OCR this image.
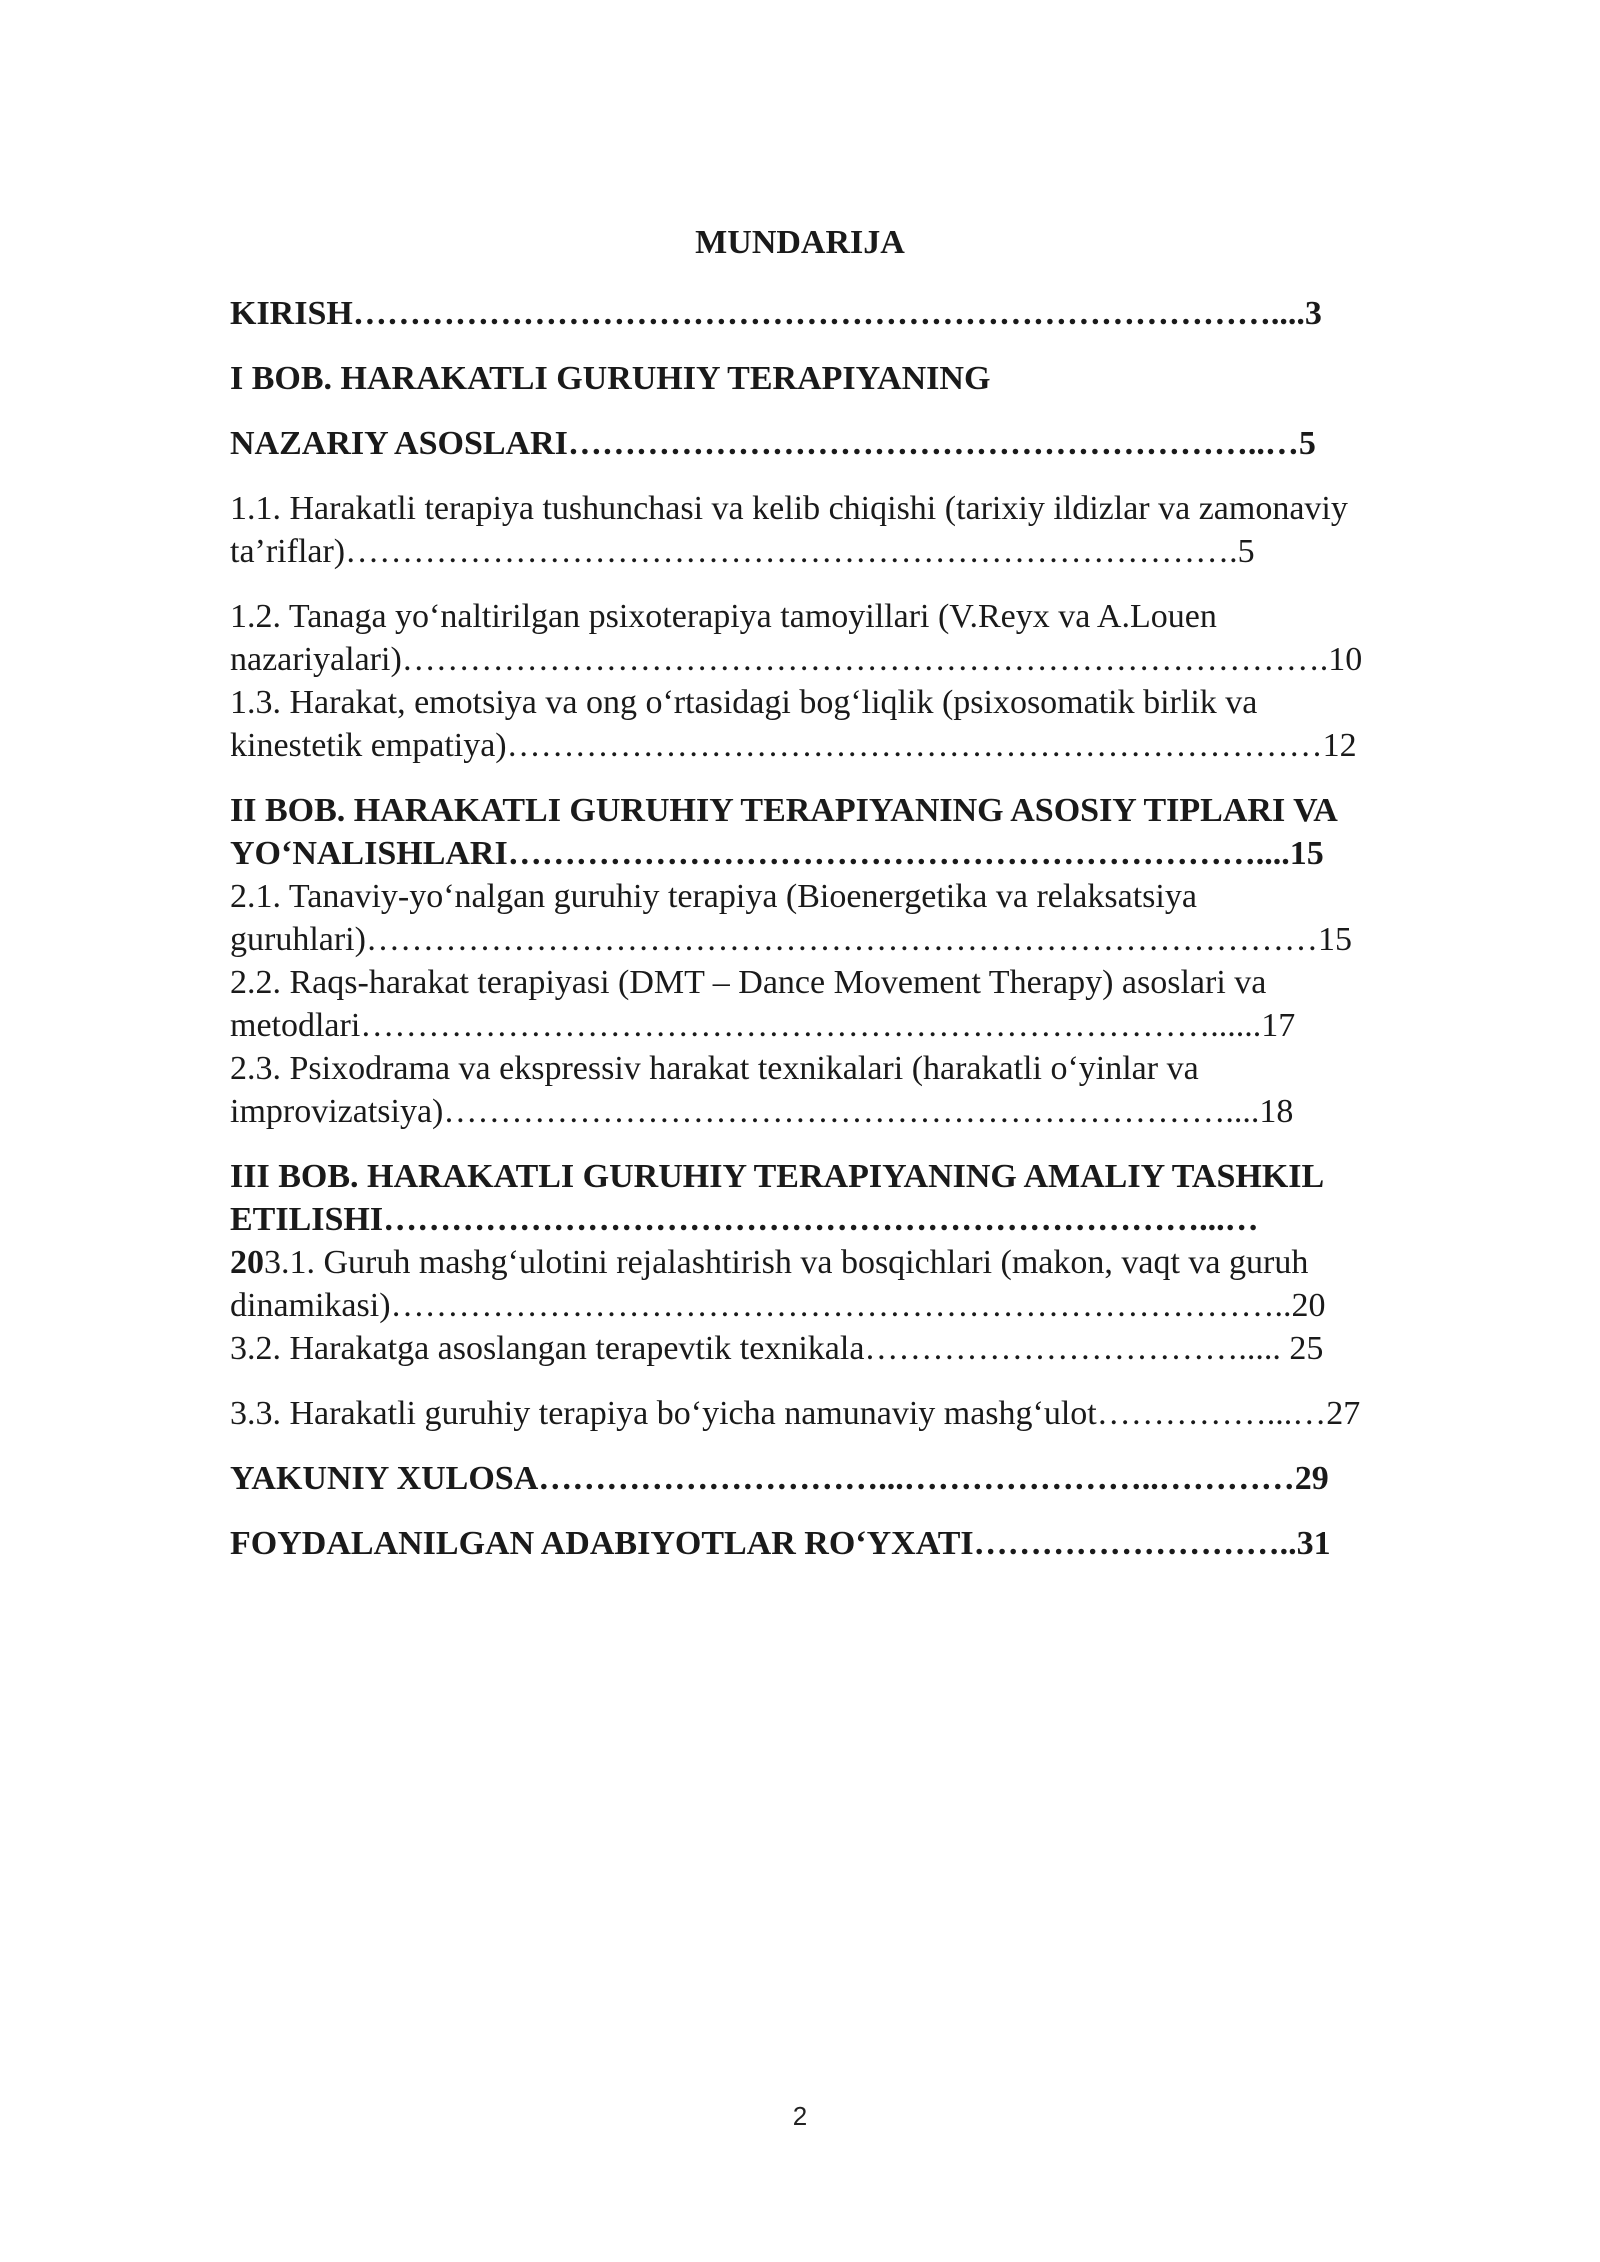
MUNDARIJA
KIRISH………………………………………………………………………....3
I BOB. HARAKATLI GURUHIY TERAPIYANING
NAZARIY ASOSLARI……………………………………………………..…5
1.1. Harakatli terapiya tushunchasi va kelib chiqishi (tarixiy ildizlar va zamonaviy
ta’riflar)…………………………………………………………………….5
1.2. Tanaga yo‘naltirilgan psixoterapiya tamoyillari (V.Reyx va A.Louen
nazariyalari)……………………………………………………………………….10
1.3. Harakat, emotsiya va ong o‘rtasidagi bog‘liqlik (psixosomatik birlik va
kinestetik empatiya)………………………………………………………………12
II BOB. HARAKATLI GURUHIY TERAPIYANING ASOSIY TIPLARI VA
YO‘NALISHLARI…………………………………………………………....15
2.1. Tanaviy-yo‘nalgan guruhiy terapiya (Bioenergetika va relaksatsiya
guruhlari)…………………………………………………………………………15
2.2. Raqs-harakat terapiyasi (DMT – Dance Movement Therapy) asoslari va
metodlari…………………………………………………………………......17
2.3. Psixodrama va ekspressiv harakat texnikalari (harakatli o‘yinlar va
improvizatsiya)……………………………………………………………....18
III BOB. HARAKATLI GURUHIY TERAPIYANING AMALIY TASHKIL
ETILISHI………………………………………………………………...…
203.1. Guruh mashg‘ulotini rejalashtirish va bosqichlari (makon, vaqt va guruh
dinamikasi)……………………………………………………………………..20
3.2. Harakatga asoslangan terapevtik texnikala……………………………..... 25
3.3. Harakatli guruhiy terapiya bo‘yicha namunaviy mashg‘ulot……………...…27
YAKUNIY XULOSA…………………………...…………………..…………29
FOYDALANILGAN ADABIYOTLAR RO‘YXATI………………………..31
2
